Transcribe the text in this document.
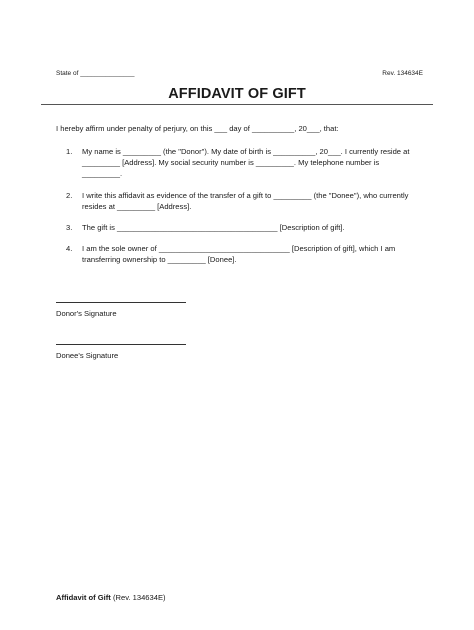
State of _______________	Rev. 134634E
AFFIDAVIT OF GIFT
I hereby affirm under penalty of perjury, on this ___ day of __________, 20___, that:
1. My name is _________ (the "Donor"). My date of birth is __________, 20___. I currently reside at _________ [Address]. My social security number is _________. My telephone number is _________.
2. I write this affidavit as evidence of the transfer of a gift to _________ (the "Donee"), who currently resides at _________ [Address].
3. The gift is ______________________________________ [Description of gift].
4. I am the sole owner of _______________________________ [Description of gift], which I am transferring ownership to _________ [Donee].
Donor's Signature
Donee's Signature
Affidavit of Gift (Rev. 134634E)
